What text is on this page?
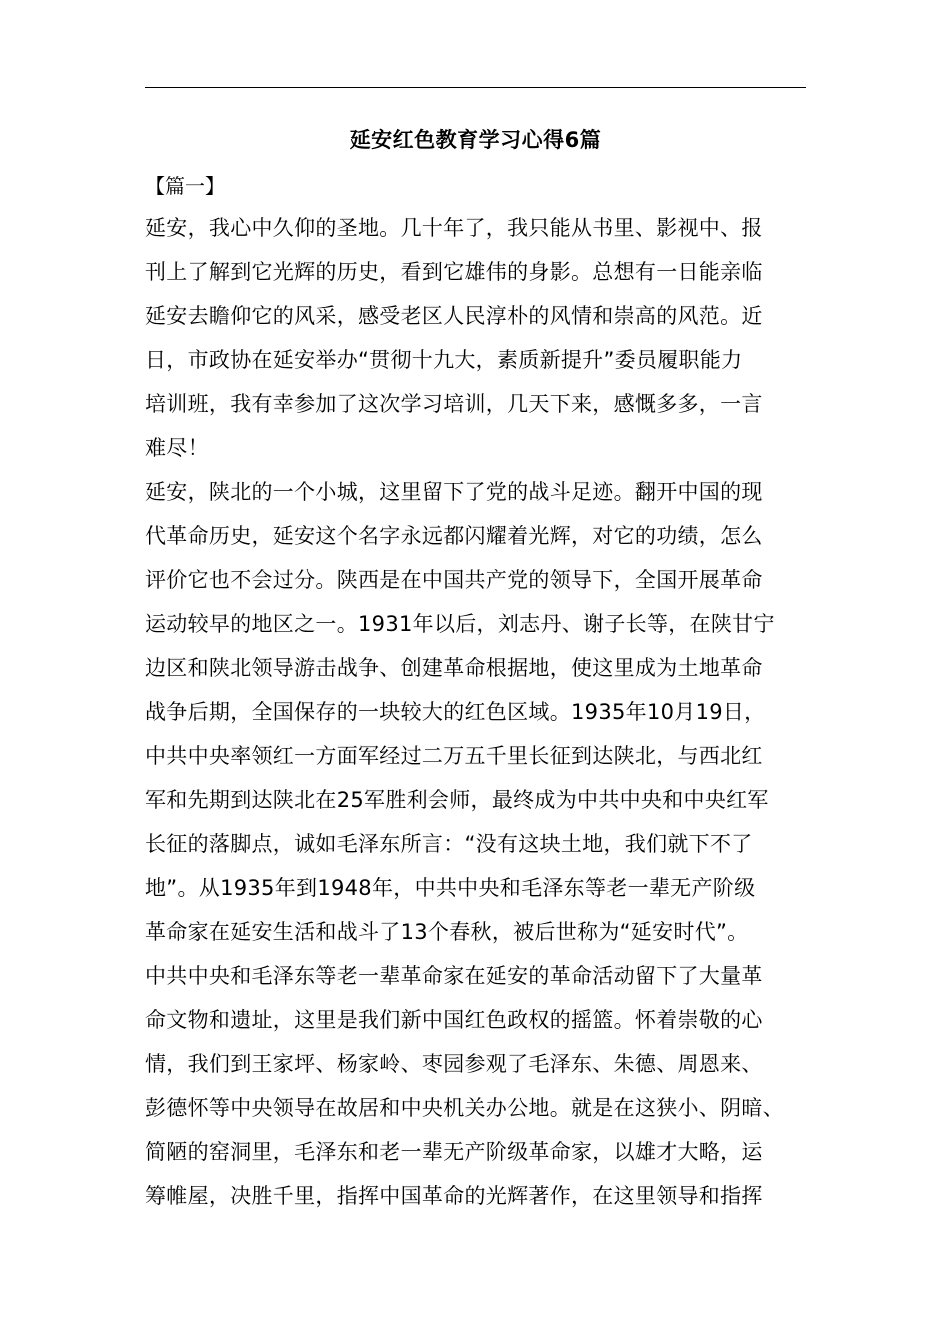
延安红色教育学习心得6篇
【篇一】
延安，我心中久仰的圣地。几十年了，我只能从书里、影视中、报
刊上了解到它光辉的历史，看到它雄伟的身影。总想有一日能亲临
延安去瞻仰它的风采，感受老区人民淳朴的风情和崇高的风范。近
日，市政协在延安举办“贯彻十九大，素质新提升”委员履职能力
培训班，我有幸参加了这次学习培训，几天下来，感慨多多，一言
难尽！
延安，陕北的一个小城，这里留下了党的战斗足迹。翻开中国的现
代革命历史，延安这个名字永远都闪耀着光辉，对它的功绩，怎么
评价它也不会过分。陕西是在中国共产党的领导下，全国开展革命
运动较早的地区之一。1931年以后，刘志丹、谢子长等，在陕甘宁
边区和陕北领导游击战争、创建革命根据地，使这里成为土地革命
战争后期，全国保存的一块较大的红色区域。1935年10月19日，
中共中央率领红一方面军经过二万五千里长征到达陕北，与西北红
军和先期到达陕北在25军胜利会师，最终成为中共中央和中央红军
长征的落脚点，诚如毛泽东所言：“没有这块土地，我们就下不了
地”。从1935年到1948年，中共中央和毛泽东等老一辈无产阶级
革命家在延安生活和战斗了13个春秋，被后世称为“延安时代”。
中共中央和毛泽东等老一辈革命家在延安的革命活动留下了大量革
命文物和遗址，这里是我们新中国红色政权的摇篮。怀着崇敬的心
情，我们到王家坪、杨家岭、枣园参观了毛泽东、朱德、周恩来、
彭德怀等中央领导在故居和中央机关办公地。就是在这狭小、阴暗、
简陋的窑洞里，毛泽东和老一辈无产阶级革命家，以雄才大略，运
筹帷屋，决胜千里，指挥中国革命的光辉著作，在这里领导和指挥
